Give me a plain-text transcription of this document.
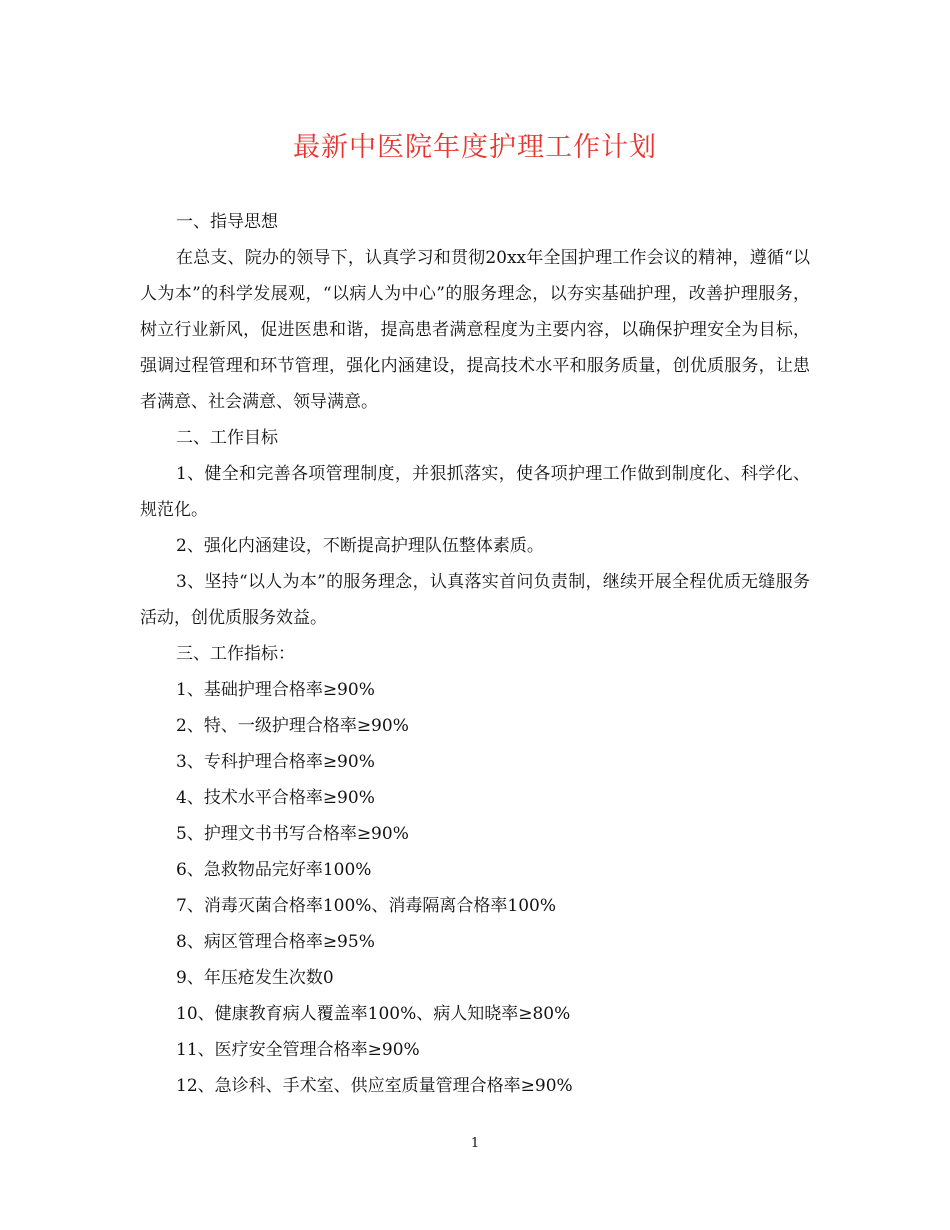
最新中医院年度护理工作计划

一、指导思想

在总支、院办的领导下，认真学习和贯彻20xx年全国护理工作会议的精神，遵循“以人为本”的科学发展观，“以病人为中心”的服务理念，以夯实基础护理，改善护理服务，树立行业新风，促进医患和谐，提高患者满意程度为主要内容，以确保护理安全为目标，强调过程管理和环节管理，强化内涵建设，提高技术水平和服务质量，创优质服务，让患者满意、社会满意、领导满意。

二、工作目标

1、健全和完善各项管理制度，并狠抓落实，使各项护理工作做到制度化、科学化、规范化。

2、强化内涵建设，不断提高护理队伍整体素质。

3、坚持“以人为本”的服务理念，认真落实首问负责制，继续开展全程优质无缝服务活动，创优质服务效益。

三、工作指标：

1、基础护理合格率≥90%

2、特、一级护理合格率≥90%

3、专科护理合格率≥90%

4、技术水平合格率≥90%

5、护理文书书写合格率≥90%

6、急救物品完好率100%

7、消毒灭菌合格率100%、消毒隔离合格率100%

8、病区管理合格率≥95%

9、年压疮发生次数0

10、健康教育病人覆盖率100%、病人知晓率≥80%

11、医疗安全管理合格率≥90%

12、急诊科、手术室、供应室质量管理合格率≥90%

1
